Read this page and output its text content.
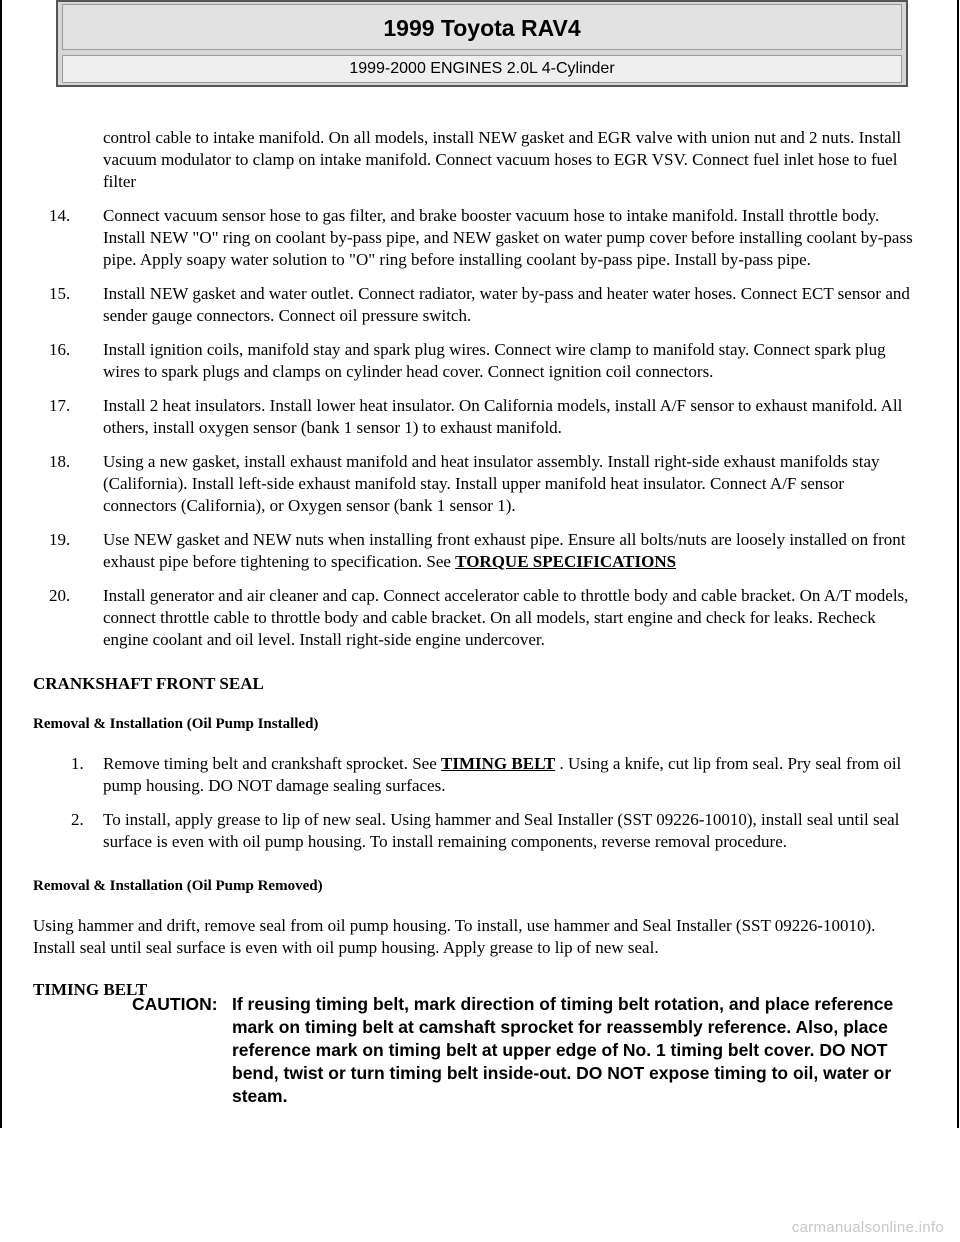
1999 Toyota RAV4
1999-2000 ENGINES 2.0L 4-Cylinder

control cable to intake manifold. On all models, install NEW gasket and EGR valve with union nut and 2 nuts. Install vacuum modulator to clamp on intake manifold. Connect vacuum hoses to EGR VSV. Connect fuel inlet hose to fuel filter

14. Connect vacuum sensor hose to gas filter, and brake booster vacuum hose to intake manifold. Install throttle body. Install NEW "O" ring on coolant by-pass pipe, and NEW gasket on water pump cover before installing coolant by-pass pipe. Apply soapy water solution to "O" ring before installing coolant by-pass pipe. Install by-pass pipe.
15. Install NEW gasket and water outlet. Connect radiator, water by-pass and heater water hoses. Connect ECT sensor and sender gauge connectors. Connect oil pressure switch.
16. Install ignition coils, manifold stay and spark plug wires. Connect wire clamp to manifold stay. Connect spark plug wires to spark plugs and clamps on cylinder head cover. Connect ignition coil connectors.
17. Install 2 heat insulators. Install lower heat insulator. On California models, install A/F sensor to exhaust manifold. All others, install oxygen sensor (bank 1 sensor 1) to exhaust manifold.
18. Using a new gasket, install exhaust manifold and heat insulator assembly. Install right-side exhaust manifolds stay (California). Install left-side exhaust manifold stay. Install upper manifold heat insulator. Connect A/F sensor connectors (California), or Oxygen sensor (bank 1 sensor 1).
19. Use NEW gasket and NEW nuts when installing front exhaust pipe. Ensure all bolts/nuts are loosely installed on front exhaust pipe before tightening to specification. See TORQUE SPECIFICATIONS
20. Install generator and air cleaner and cap. Connect accelerator cable to throttle body and cable bracket. On A/T models, connect throttle cable to throttle body and cable bracket. On all models, start engine and check for leaks. Recheck engine coolant and oil level. Install right-side engine undercover.
CRANKSHAFT FRONT SEAL
Removal & Installation (Oil Pump Installed)
1. Remove timing belt and crankshaft sprocket. See TIMING BELT . Using a knife, cut lip from seal. Pry seal from oil pump housing. DO NOT damage sealing surfaces.
2. To install, apply grease to lip of new seal. Using hammer and Seal Installer (SST 09226-10010), install seal until seal surface is even with oil pump housing. To install remaining components, reverse removal procedure.
Removal & Installation (Oil Pump Removed)

Using hammer and drift, remove seal from oil pump housing. To install, use hammer and Seal Installer (SST 09226-10010). Install seal until seal surface is even with oil pump housing. Apply grease to lip of new seal.

TIMING BELT
CAUTION: If reusing timing belt, mark direction of timing belt rotation, and place reference mark on timing belt at camshaft sprocket for reassembly reference. Also, place reference mark on timing belt at upper edge of No. 1 timing belt cover. DO NOT bend, twist or turn timing belt inside-out. DO NOT expose timing to oil, water or steam.
carmanualsonline.info
